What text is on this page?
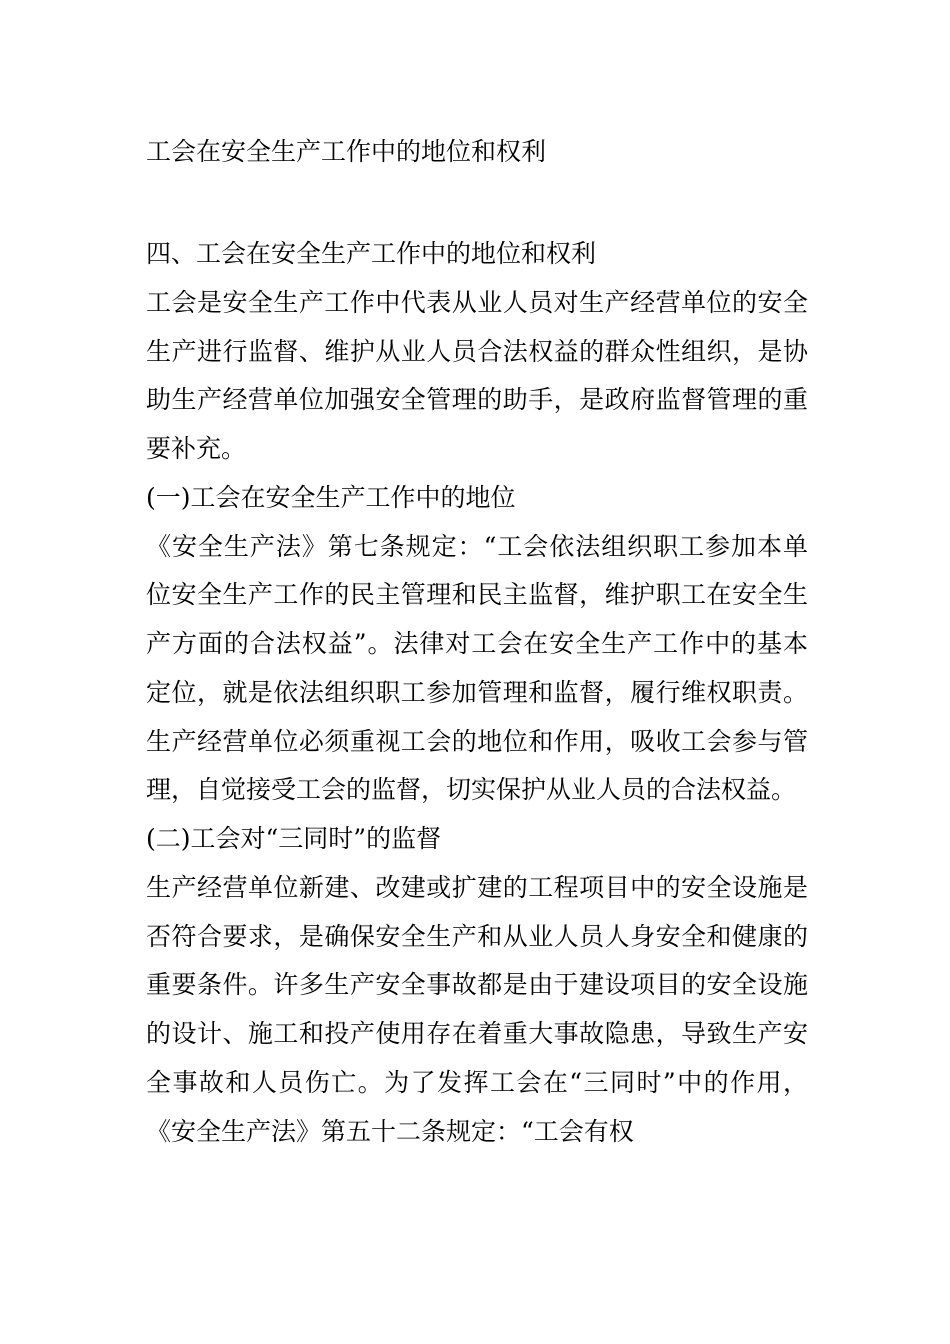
工会在安全生产工作中的地位和权利

四、工会在安全生产工作中的地位和权利

工会是安全生产工作中代表从业人员对生产经营单位的安全生产进行监督、维护从业人员合法权益的群众性组织，是协助生产经营单位加强安全管理的助手，是政府监督管理的重要补充。

(一)工会在安全生产工作中的地位

《安全生产法》第七条规定：“工会依法组织职工参加本单位安全生产工作的民主管理和民主监督，维护职工在安全生产方面的合法权益”。法律对工会在安全生产工作中的基本定位，就是依法组织职工参加管理和监督，履行维权职责。生产经营单位必须重视工会的地位和作用，吸收工会参与管理，自觉接受工会的监督，切实保护从业人员的合法权益。

(二)工会对“三同时”的监督

生产经营单位新建、改建或扩建的工程项目中的安全设施是否符合要求，是确保安全生产和从业人员人身安全和健康的重要条件。许多生产安全事故都是由于建设项目的安全设施的设计、施工和投产使用存在着重大事故隐患，导致生产安全事故和人员伤亡。为了发挥工会在“三同时”中的作用，《安全生产法》第五十二条规定：“工会有权
